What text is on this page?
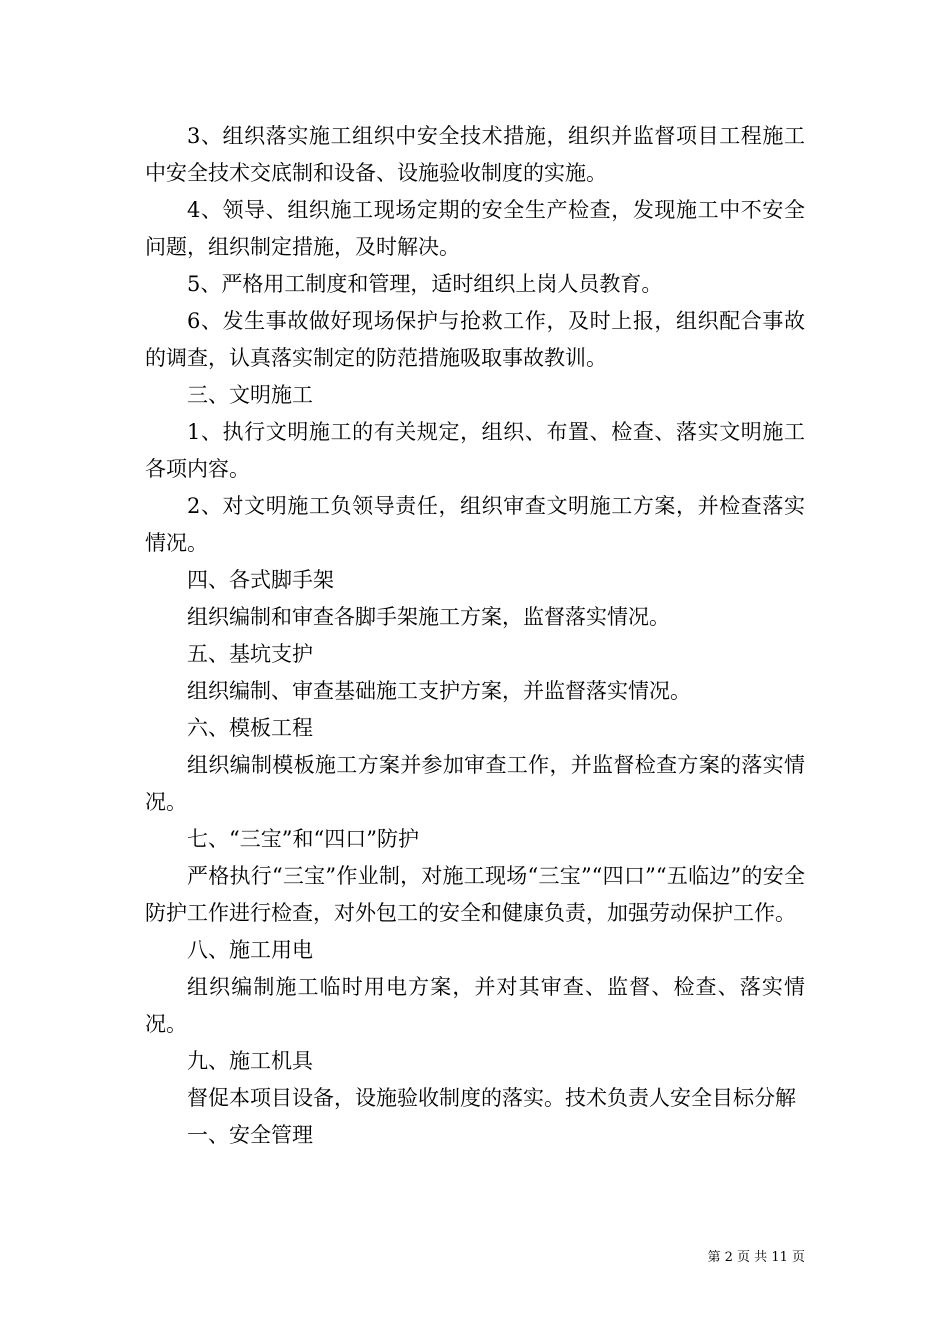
3、组织落实施工组织中安全技术措施，组织并监督项目工程施工中安全技术交底制和设备、设施验收制度的实施。

4、领导、组织施工现场定期的安全生产检查，发现施工中不安全问题，组织制定措施，及时解决。

5、严格用工制度和管理，适时组织上岗人员教育。

6、发生事故做好现场保护与抢救工作，及时上报，组织配合事故的调查，认真落实制定的防范措施吸取事故教训。

三、文明施工

1、执行文明施工的有关规定，组织、布置、检查、落实文明施工各项内容。

2、对文明施工负领导责任，组织审查文明施工方案，并检查落实情况。

四、各式脚手架

组织编制和审查各脚手架施工方案，监督落实情况。

五、基坑支护

组织编制、审查基础施工支护方案，并监督落实情况。

六、模板工程

组织编制模板施工方案并参加审查工作，并监督检查方案的落实情况。

七、“三宝”和“四口”防护

严格执行“三宝”作业制，对施工现场“三宝”“四口”“五临边”的安全防护工作进行检查，对外包工的安全和健康负责，加强劳动保护工作。

八、施工用电

组织编制施工临时用电方案，并对其审查、监督、检查、落实情况。

九、施工机具

督促本项目设备，设施验收制度的落实。技术负责人安全目标分解

一、安全管理

第 2 页 共 11 页
